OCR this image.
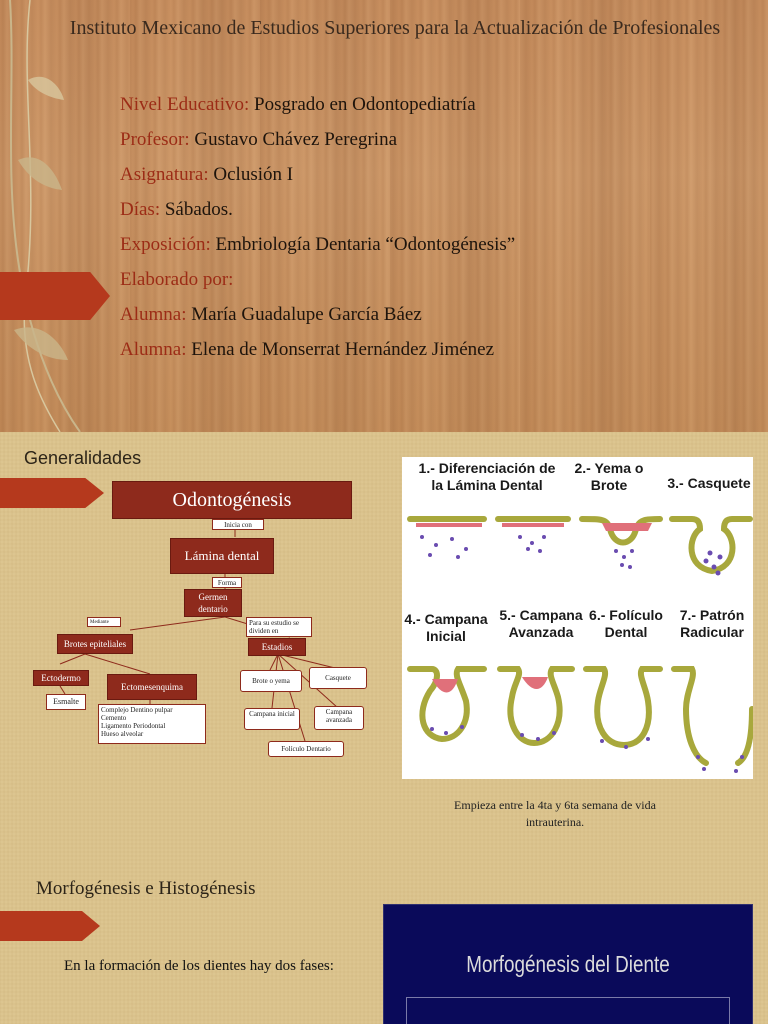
Instituto Mexicano de Estudios Superiores para la Actualización de Profesionales
Nivel Educativo: Posgrado en Odontopediatría
Profesor: Gustavo Chávez Peregrina
Asignatura: Oclusión I
Días: Sábados.
Exposición: Embriología Dentaria “Odontogénesis”
Elaborado por:
Alumna: María Guadalupe García Báez
Alumna: Elena de Monserrat Hernández Jiménez
Generalidades
Odontogénesis
Inicia con
Lámina dental
Forma
Germen dentario
Mediante	Para su estudio se dividen en
Brotes epiteliales	Estadios
Ectodermo
Ectomesenquima
Esmalte
Complejo Dentino pulpar
Cemento
Ligamento Periodontal
Hueso alveolar
Brote o yema	Casquete
Campana inicial	Campana avanzada
Folículo Dentario
1.- Diferenciación de la Lámina Dental
2.- Yema o Brote	3.- Casquete
4.- Campana Inicial
5.- Campana Avanzada
6.- Folículo Dental
7.- Patrón Radicular
Empieza entre la 4ta y 6ta semana de vida intrauterina.
Morfogénesis e Histogénesis
En la formación de los dientes hay dos fases:	Morfogénesis del Diente
